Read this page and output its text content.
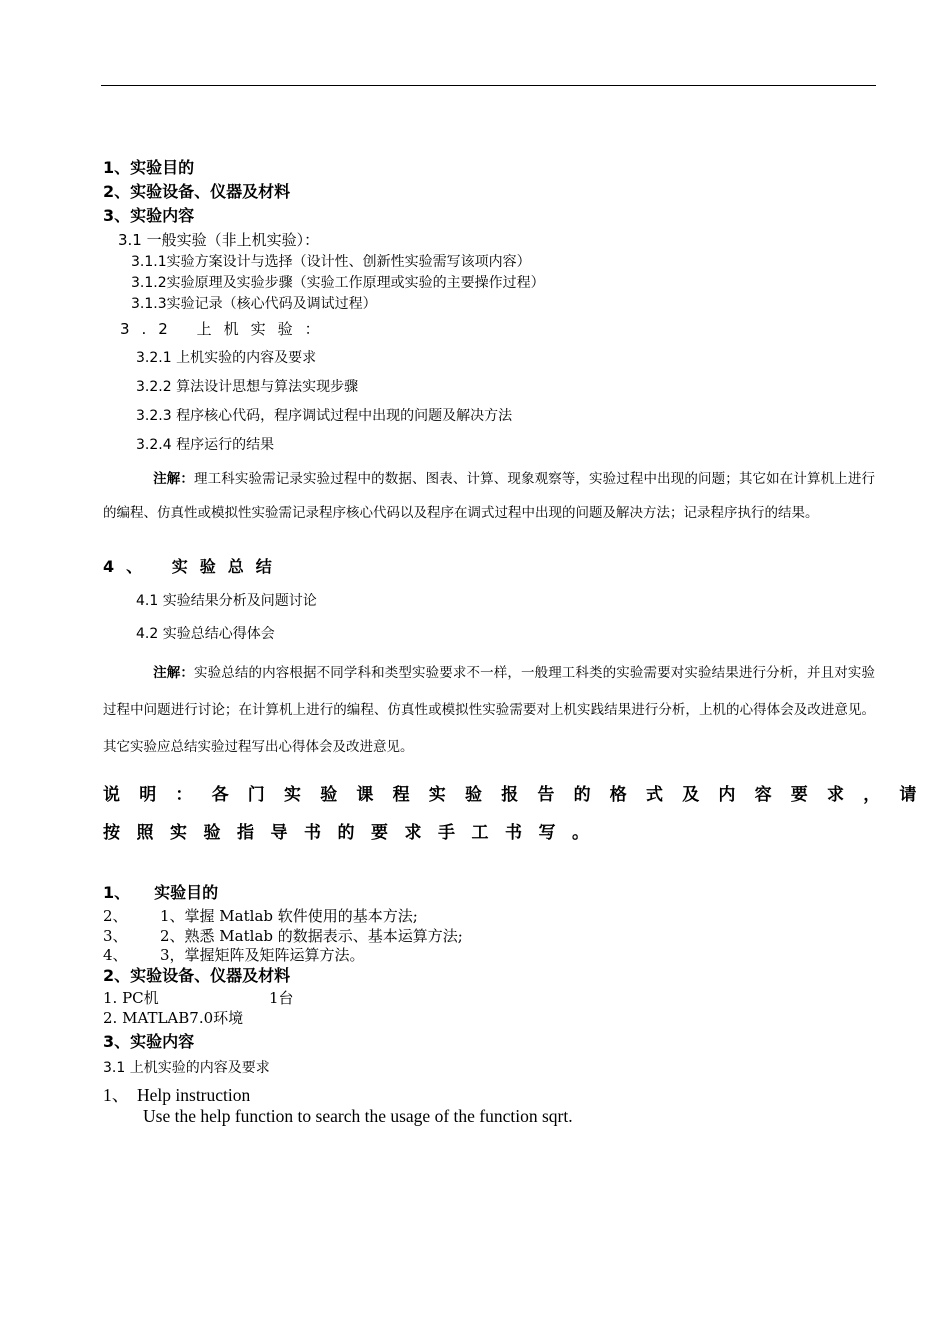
1、实验目的
2、实验设备、仪器及材料
3、实验内容
3.1 一般实验（非上机实验）：
3.1.1实验方案设计与选择（设计性、创新性实验需写该项内容）
3.1.2实验原理及实验步骤（实验工作原理或实验的主要操作过程）
3.1.3实验记录（核心代码及调试过程）
3.2 上机实验：
3.2.1 上机实验的内容及要求
3.2.2 算法设计思想与算法实现步骤
3.2.3 程序核心代码，程序调试过程中出现的问题及解决方法
3.2.4 程序运行的结果
注解：理工科实验需记录实验过程中的数据、图表、计算、现象观察等，实验过程中出现的问题；其它如在计算机上进行的编程、仿真性或模拟性实验需记录程序核心代码以及程序在调式过程中出现的问题及解决方法；记录程序执行的结果。
4、 实验总结
4.1 实验结果分析及问题讨论
4.2 实验总结心得体会
注解：实验总结的内容根据不同学科和类型实验要求不一样，一般理工科类的实验需要对实验结果进行分析，并且对实验过程中问题进行讨论；在计算机上进行的编程、仿真性或模拟性实验需要对上机实践结果进行分析，上机的心得体会及改进意见。其它实验应总结实验过程写出心得体会及改进意见。
说明：各门实验课程实验报告的格式及内容要求，请
按照实验指导书的要求手工书写。
1、 实验目的
2、 1、掌握 Matlab 软件使用的基本方法;
3、 2、熟悉 Matlab 的数据表示、基本运算方法;
4、 3，掌握矩阵及矩阵运算方法。
2、实验设备、仪器及材料
1. PC机	1台
2. MATLAB7.0环境
3、实验内容
3.1 上机实验的内容及要求
1、 Help instruction
Use the help function to search the usage of the function sqrt.
